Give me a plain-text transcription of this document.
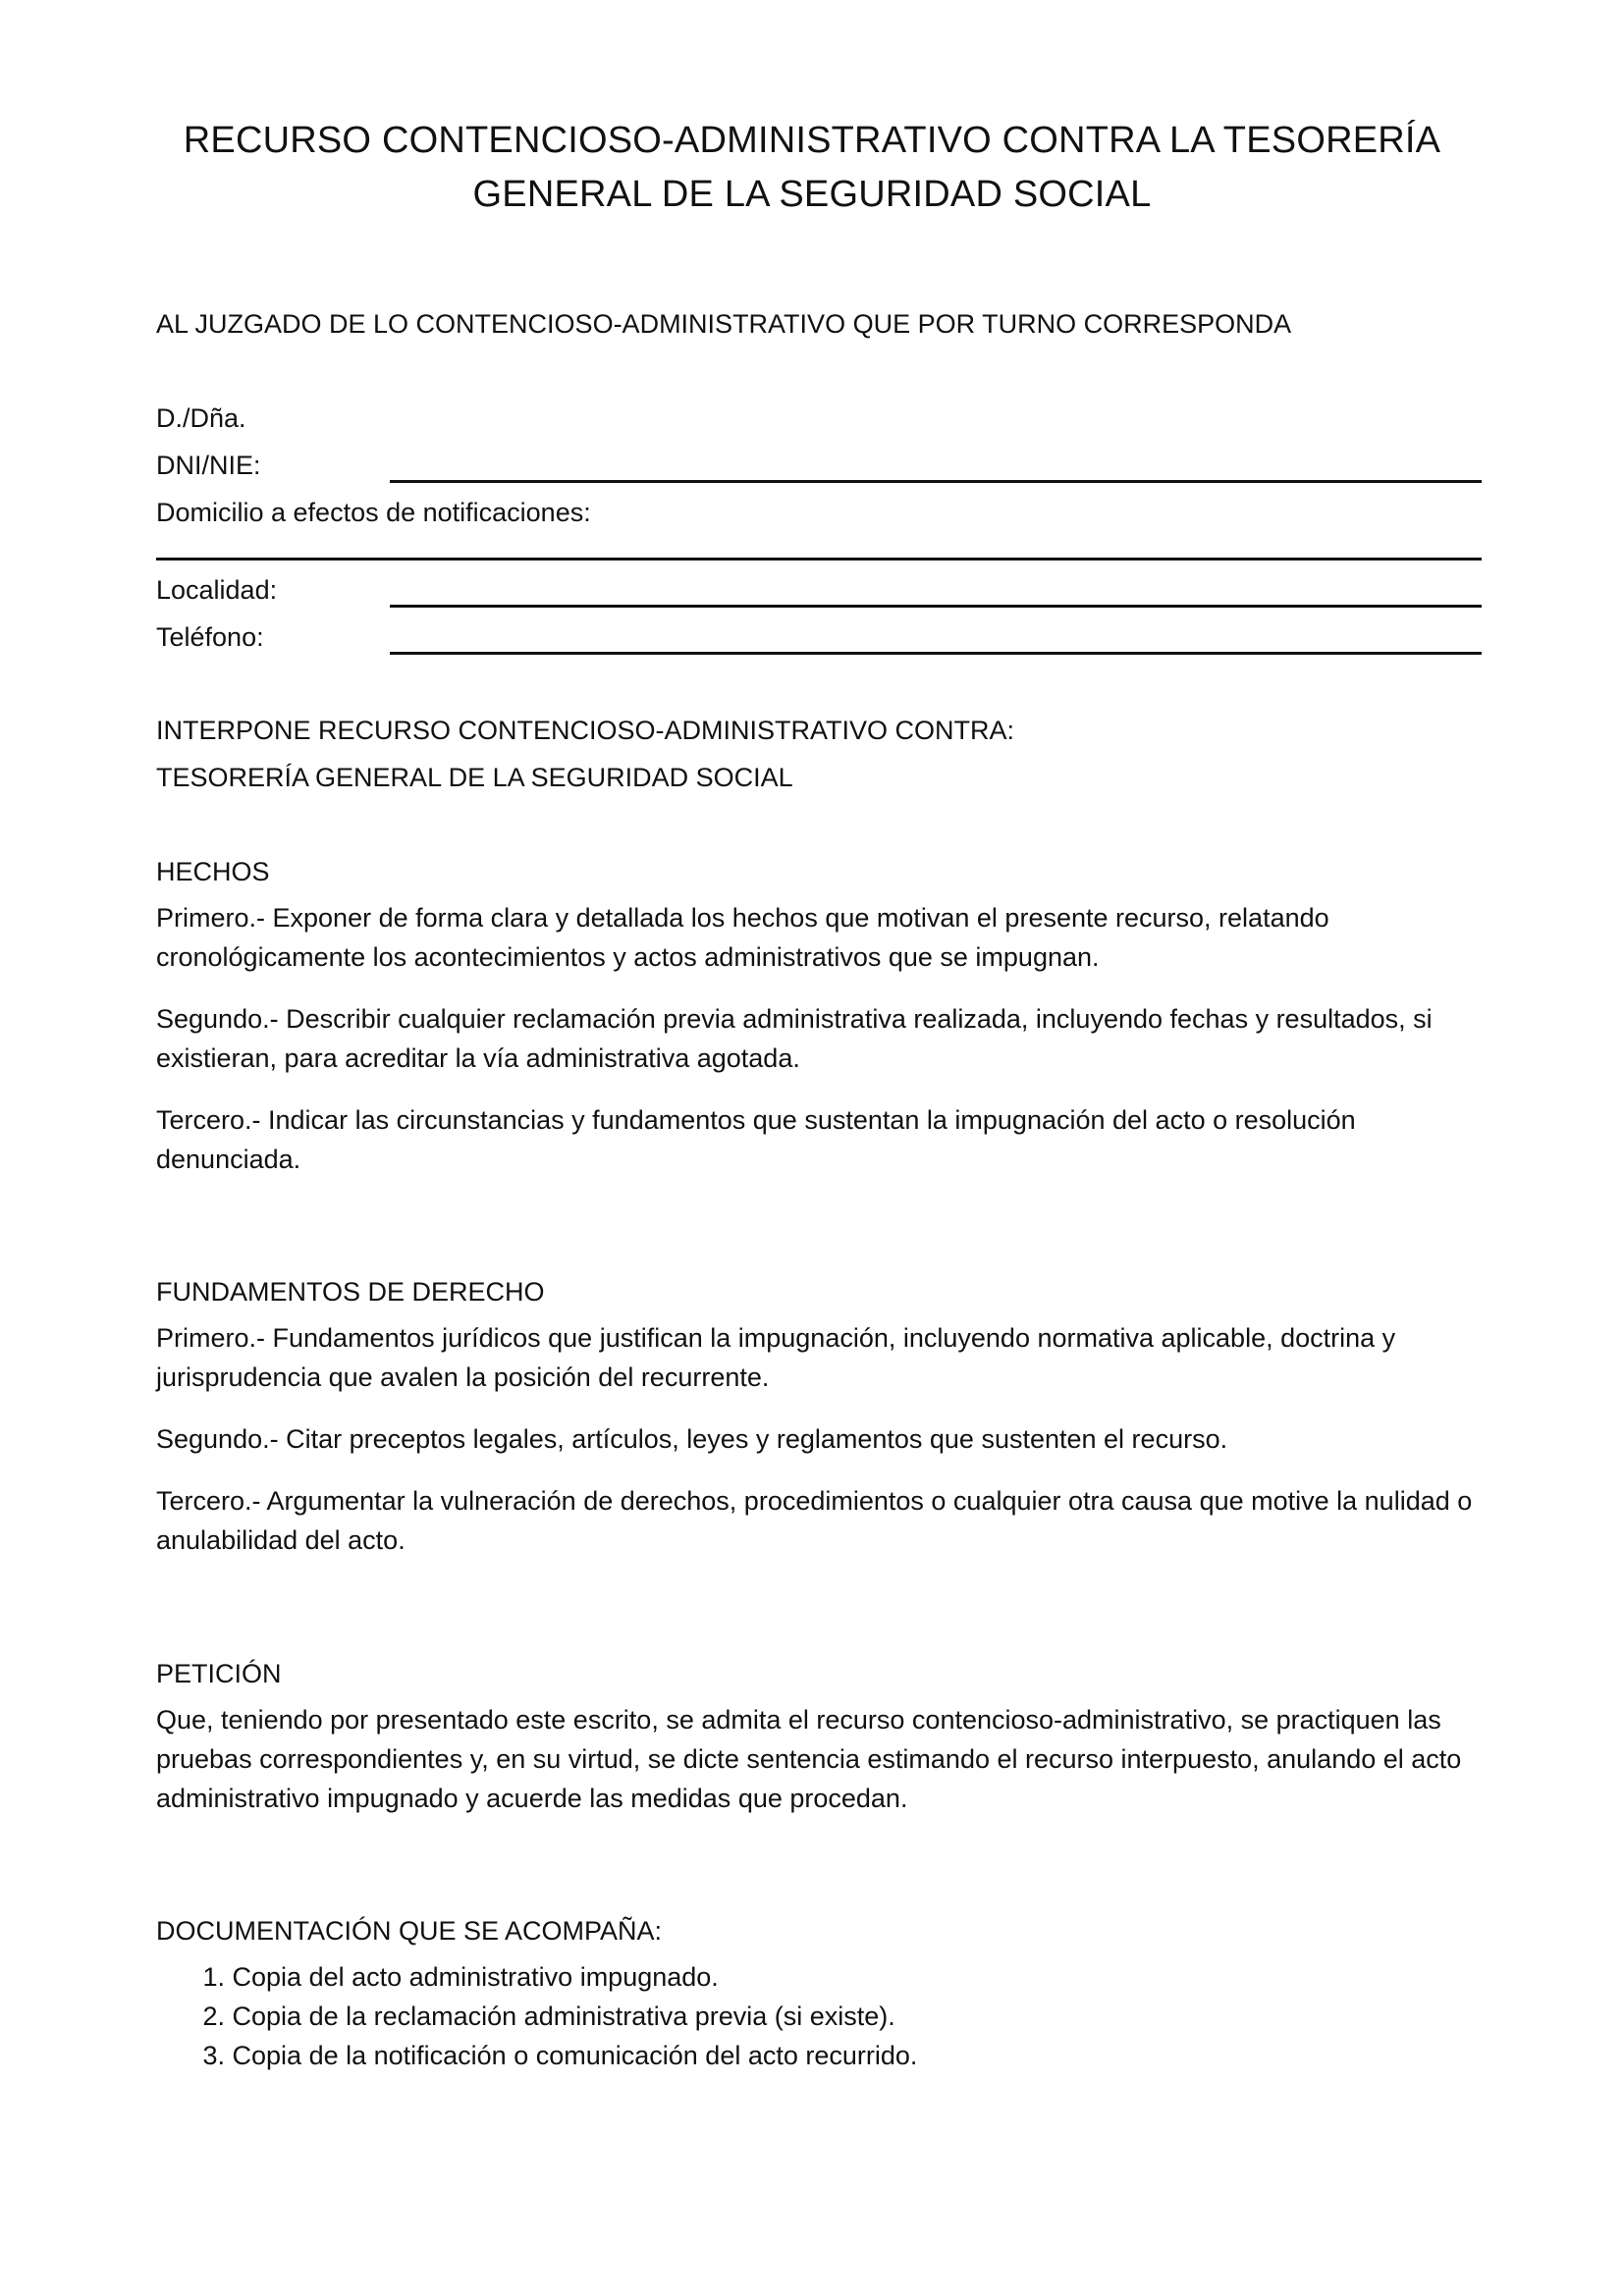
RECURSO CONTENCIOSO-ADMINISTRATIVO CONTRA LA TESORERÍA
GENERAL DE LA SEGURIDAD SOCIAL
AL JUZGADO DE LO CONTENCIOSO-ADMINISTRATIVO QUE POR TURNO CORRESPONDA
D./Dña.
DNI/NIE:
Domicilio a efectos de notificaciones:
Localidad:
Teléfono:
INTERPONE RECURSO CONTENCIOSO-ADMINISTRATIVO CONTRA:
TESORERÍA GENERAL DE LA SEGURIDAD SOCIAL
HECHOS
Primero.- Exponer de forma clara y detallada los hechos que motivan el presente recurso, relatando cronológicamente los acontecimientos y actos administrativos que se impugnan.
Segundo.- Describir cualquier reclamación previa administrativa realizada, incluyendo fechas y resultados, si existieran, para acreditar la vía administrativa agotada.
Tercero.- Indicar las circunstancias y fundamentos que sustentan la impugnación del acto o resolución denunciada.
FUNDAMENTOS DE DERECHO
Primero.- Fundamentos jurídicos que justifican la impugnación, incluyendo normativa aplicable, doctrina y jurisprudencia que avalen la posición del recurrente.
Segundo.- Citar preceptos legales, artículos, leyes y reglamentos que sustenten el recurso.
Tercero.- Argumentar la vulneración de derechos, procedimientos o cualquier otra causa que motive la nulidad o anulabilidad del acto.
PETICIÓN
Que, teniendo por presentado este escrito, se admita el recurso contencioso-administrativo, se practiquen las pruebas correspondientes y, en su virtud, se dicte sentencia estimando el recurso interpuesto, anulando el acto administrativo impugnado y acuerde las medidas que procedan.
DOCUMENTACIÓN QUE SE ACOMPAÑA:
1. Copia del acto administrativo impugnado.
2. Copia de la reclamación administrativa previa (si existe).
3. Copia de la notificación o comunicación del acto recurrido.
